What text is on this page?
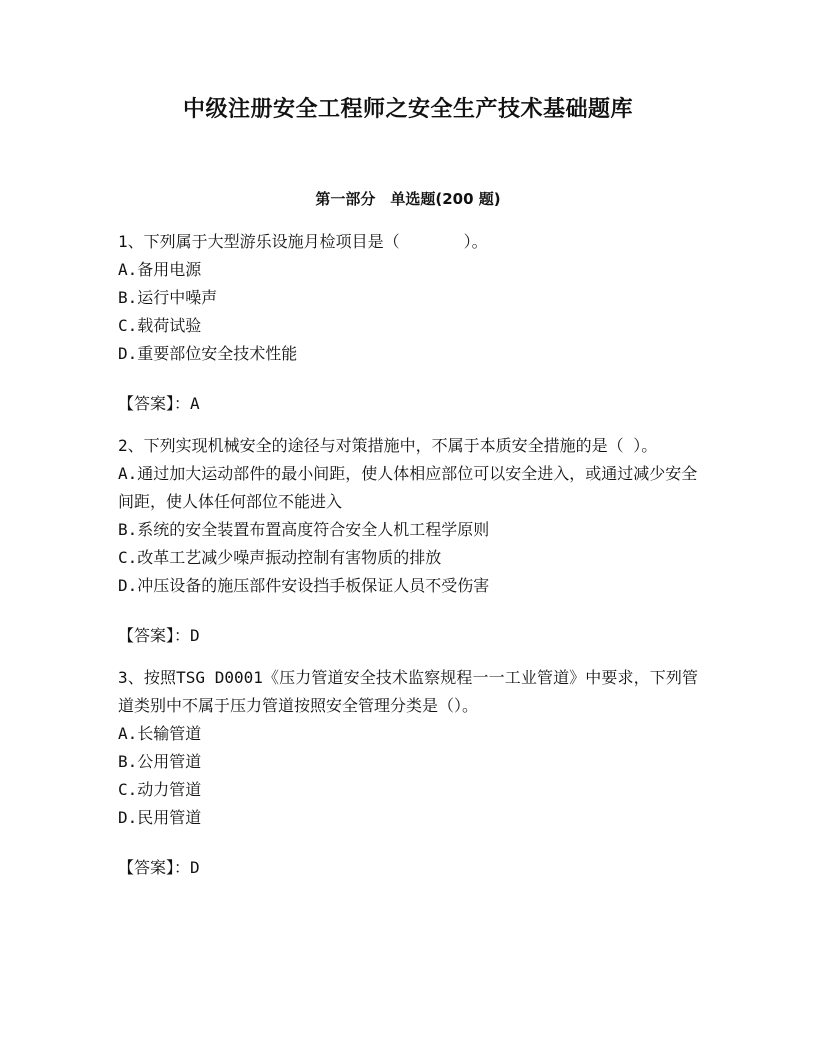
中级注册安全工程师之安全生产技术基础题库
第一部分　单选题(200 题)

1、下列属于大型游乐设施月检项目是（　　　　）。

A.备用电源

B.运行中噪声

C.载荷试验

D.重要部位安全技术性能

【答案】：A

2、下列实现机械安全的途径与对策措施中，不属于本质安全措施的是（ ）。

A.通过加大运动部件的最小间距，使人体相应部位可以安全进入，或通过减少安全间距，使人体任何部位不能进入

B.系统的安全装置布置高度符合安全人机工程学原则

C.改革工艺减少噪声振动控制有害物质的排放

D.冲压设备的施压部件安设挡手板保证人员不受伤害

【答案】：D

3、按照TSG D0001《压力管道安全技术监察规程一一工业管道》中要求，下列管道类别中不属于压力管道按照安全管理分类是（）。

A.长输管道

B.公用管道

C.动力管道

D.民用管道

【答案】：D
